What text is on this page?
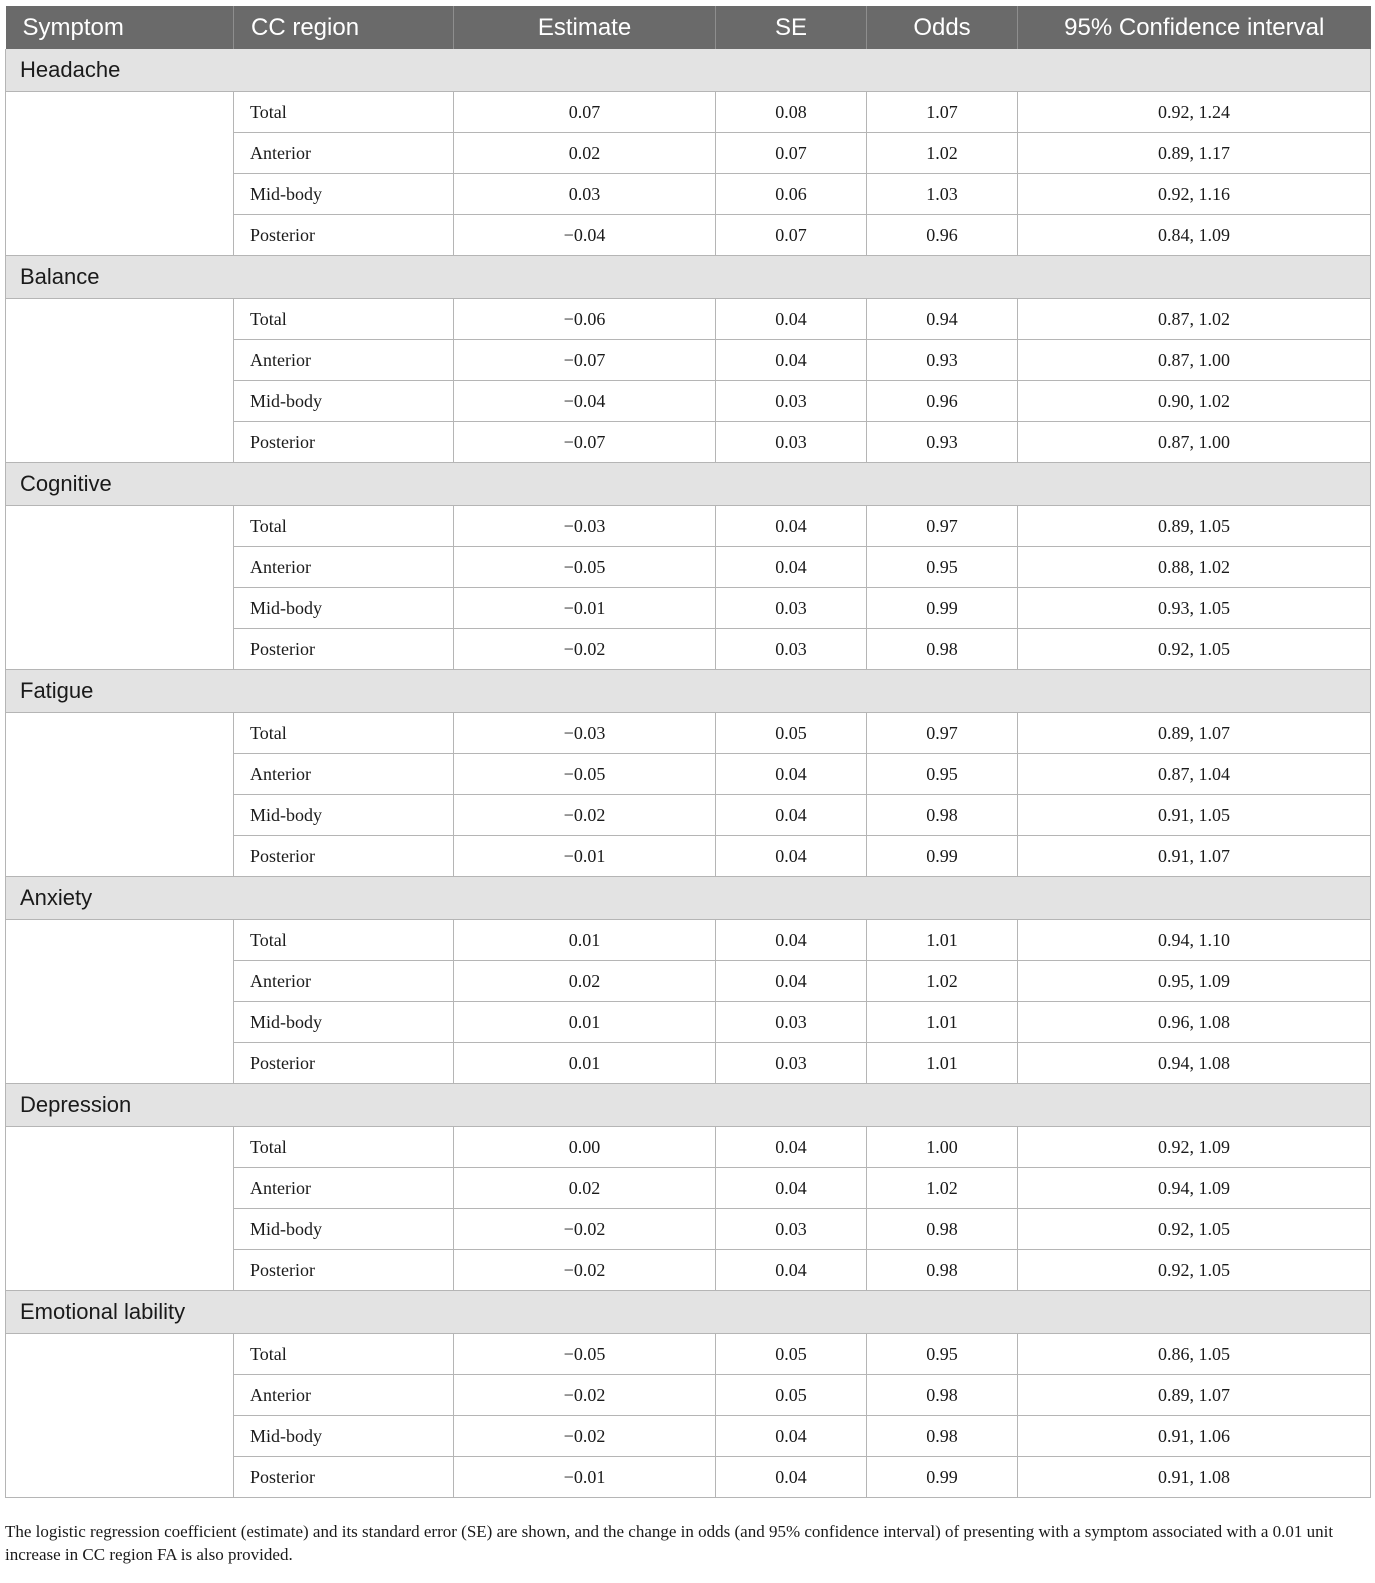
Symptom	CC region	Estimate	SE	Odds	95% Confidence interval
Headache					
	Total	0.07	0.08	1.07	0.92, 1.24
	Anterior	0.02	0.07	1.02	0.89, 1.17
	Mid-body	0.03	0.06	1.03	0.92, 1.16
	Posterior	−0.04	0.07	0.96	0.84, 1.09
Balance					
	Total	−0.06	0.04	0.94	0.87, 1.02
	Anterior	−0.07	0.04	0.93	0.87, 1.00
	Mid-body	−0.04	0.03	0.96	0.90, 1.02
	Posterior	−0.07	0.03	0.93	0.87, 1.00
Cognitive					
	Total	−0.03	0.04	0.97	0.89, 1.05
	Anterior	−0.05	0.04	0.95	0.88, 1.02
	Mid-body	−0.01	0.03	0.99	0.93, 1.05
	Posterior	−0.02	0.03	0.98	0.92, 1.05
Fatigue					
	Total	−0.03	0.05	0.97	0.89, 1.07
	Anterior	−0.05	0.04	0.95	0.87, 1.04
	Mid-body	−0.02	0.04	0.98	0.91, 1.05
	Posterior	−0.01	0.04	0.99	0.91, 1.07
Anxiety					
	Total	0.01	0.04	1.01	0.94, 1.10
	Anterior	0.02	0.04	1.02	0.95, 1.09
	Mid-body	0.01	0.03	1.01	0.96, 1.08
	Posterior	0.01	0.03	1.01	0.94, 1.08
Depression					
	Total	0.00	0.04	1.00	0.92, 1.09
	Anterior	0.02	0.04	1.02	0.94, 1.09
	Mid-body	−0.02	0.03	0.98	0.92, 1.05
	Posterior	−0.02	0.04	0.98	0.92, 1.05
Emotional lability					
	Total	−0.05	0.05	0.95	0.86, 1.05
	Anterior	−0.02	0.05	0.98	0.89, 1.07
	Mid-body	−0.02	0.04	0.98	0.91, 1.06
	Posterior	−0.01	0.04	0.99	0.91, 1.08
The logistic regression coefficient (estimate) and its standard error (SE) are shown, and the change in odds (and 95% confidence interval) of presenting with a symptom associated with a 0.01 unit increase in CC region FA is also provided.
